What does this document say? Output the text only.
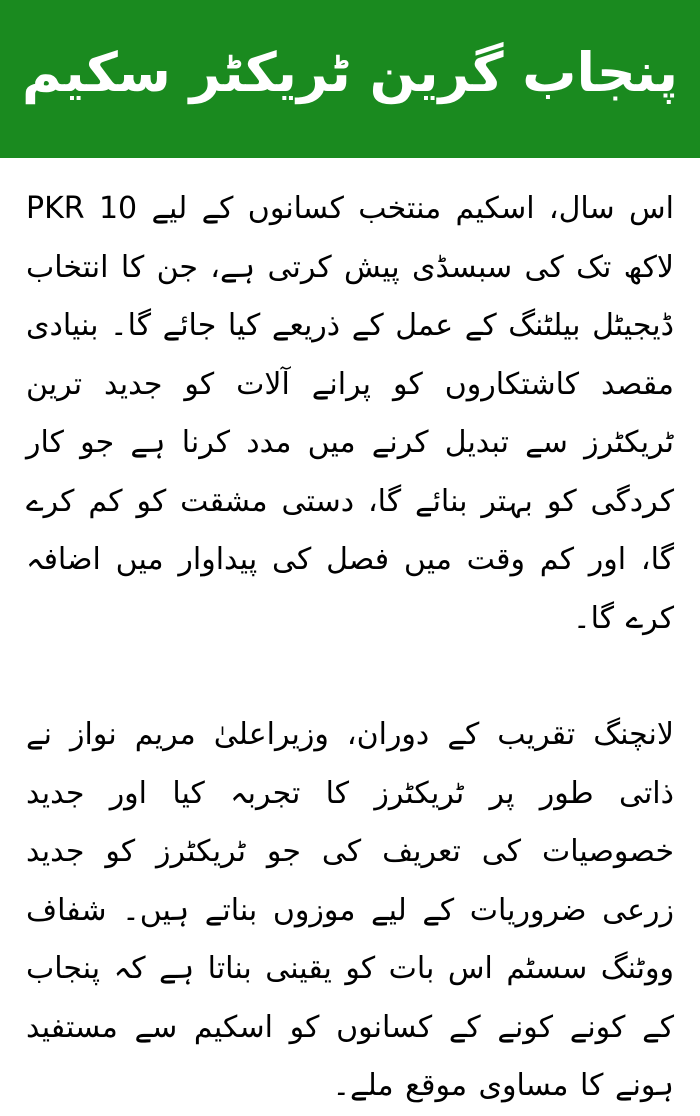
پنجاب گرین ٹریکٹر سکیم

اس سال، اسکیم منتخب کسانوں کے لیے PKR 10 لاکھ تک کی سبسڈی پیش کرتی ہے، جن کا انتخاب ڈیجیٹل بیلٹنگ کے عمل کے ذریعے کیا جائے گا۔ بنیادی مقصد کاشتکاروں کو پرانے آلات کو جدید ترین ٹریکٹرز سے تبدیل کرنے میں مدد کرنا ہے جو کار کردگی کو بہتر بنائے گا، دستی مشقت کو کم کرے گا، اور کم وقت میں فصل کی پیداوار میں اضافہ کرے گا۔

لانچنگ تقریب کے دوران، وزیراعلیٰ مریم نواز نے ذاتی طور پر ٹریکٹرز کا تجربہ کیا اور جدید خصوصیات کی تعریف کی جو ٹریکٹرز کو جدید زرعی ضروریات کے لیے موزوں بناتے ہیں۔ شفاف ووٹنگ سسٹم اس بات کو یقینی بناتا ہے کہ پنجاب کے کونے کونے کے کسانوں کو اسکیم سے مستفید ہونے کا مساوی موقع ملے۔
